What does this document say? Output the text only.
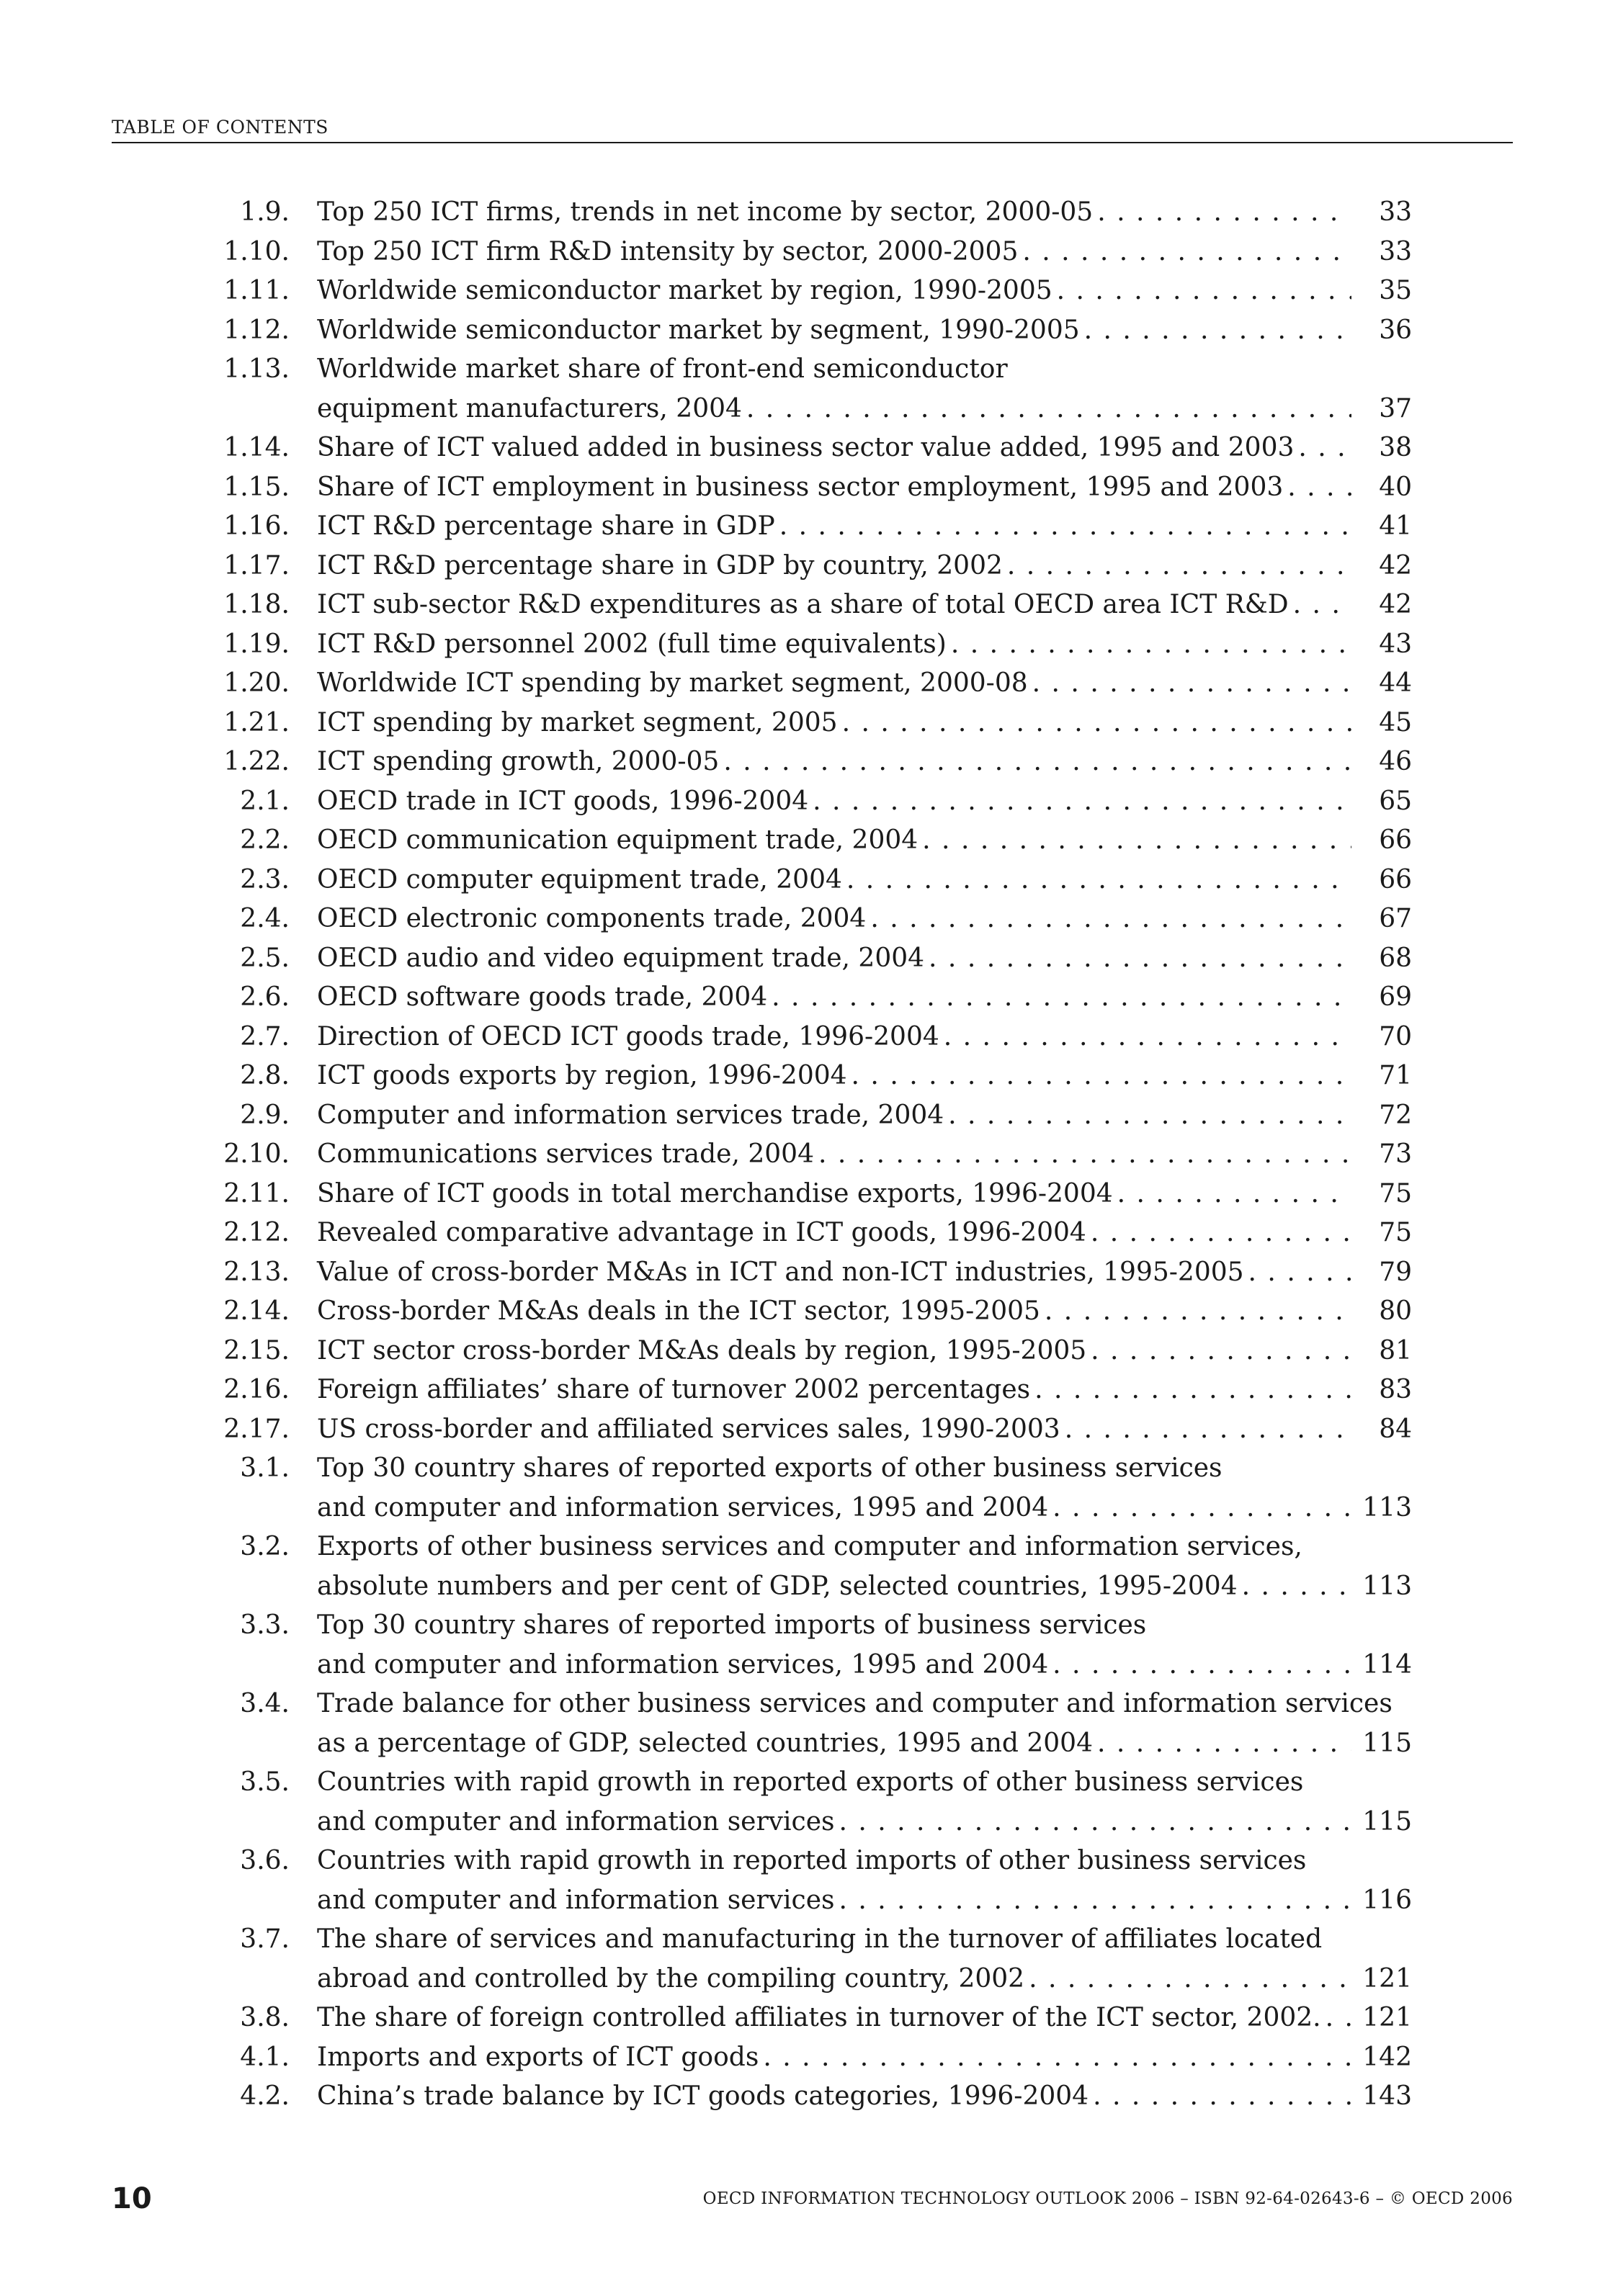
TABLE OF CONTENTS
1.9. Top 250 ICT firms, trends in net income by sector, 2000-05 . . .	33
1.10. Top 250 ICT firm R&D intensity by sector, 2000-2005 . . .	33
1.11. Worldwide semiconductor market by region, 1990-2005 . . .	35
1.12. Worldwide semiconductor market by segment, 1990-2005 . . .	36
1.13. Worldwide market share of front-end semiconductor
equipment manufacturers, 2004 . . .	37
1.14. Share of ICT valued added in business sector value added, 1995 and 2003 . . .	38
1.15. Share of ICT employment in business sector employment, 1995 and 2003 . . .	40
1.16. ICT R&D percentage share in GDP . . .	41
1.17. ICT R&D percentage share in GDP by country, 2002 . . .	42
1.18. ICT sub-sector R&D expenditures as a share of total OECD area ICT R&D . . .	42
1.19. ICT R&D personnel 2002 (full time equivalents) . . .	43
1.20. Worldwide ICT spending by market segment, 2000-08 . . .	44
1.21. ICT spending by market segment, 2005 . . .	45
1.22. ICT spending growth, 2000-05 . . .	46
2.1. OECD trade in ICT goods, 1996-2004 . . .	65
2.2. OECD communication equipment trade, 2004 . . .	66
2.3. OECD computer equipment trade, 2004 . . .	66
2.4. OECD electronic components trade, 2004 . . .	67
2.5. OECD audio and video equipment trade, 2004 . . .	68
2.6. OECD software goods trade, 2004 . . .	69
2.7. Direction of OECD ICT goods trade, 1996-2004 . . .	70
2.8. ICT goods exports by region, 1996-2004 . . .	71
2.9. Computer and information services trade, 2004 . . .	72
2.10. Communications services trade, 2004 . . .	73
2.11. Share of ICT goods in total merchandise exports, 1996-2004 . . .	75
2.12. Revealed comparative advantage in ICT goods, 1996-2004 . . .	75
2.13. Value of cross-border M&As in ICT and non-ICT industries, 1995-2005 . . .	79
2.14. Cross-border M&As deals in the ICT sector, 1995-2005 . . .	80
2.15. ICT sector cross-border M&As deals by region, 1995-2005 . . .	81
2.16. Foreign affiliates’ share of turnover 2002 percentages . . .	83
2.17. US cross-border and affiliated services sales, 1990-2003 . . .	84
3.1. Top 30 country shares of reported exports of other business services
and computer and information services, 1995 and 2004 . . .	113
3.2. Exports of other business services and computer and information services,
absolute numbers and per cent of GDP, selected countries, 1995-2004 . . .	113
3.3. Top 30 country shares of reported imports of business services
and computer and information services, 1995 and 2004 . . .	114
3.4. Trade balance for other business services and computer and information services
as a percentage of GDP, selected countries, 1995 and 2004 . . .	115
3.5. Countries with rapid growth in reported exports of other business services
and computer and information services . . .	115
3.6. Countries with rapid growth in reported imports of other business services
and computer and information services . . .	116
3.7. The share of services and manufacturing in the turnover of affiliates located
abroad and controlled by the compiling country, 2002 . . .	121
3.8. The share of foreign controlled affiliates in turnover of the ICT sector, 2002. . . . 121
4.1. Imports and exports of ICT goods . . .	142
4.2. China’s trade balance by ICT goods categories, 1996-2004 . . .	143
10	OECD INFORMATION TECHNOLOGY OUTLOOK 2006 – ISBN 92-64-02643-6 – © OECD 2006
